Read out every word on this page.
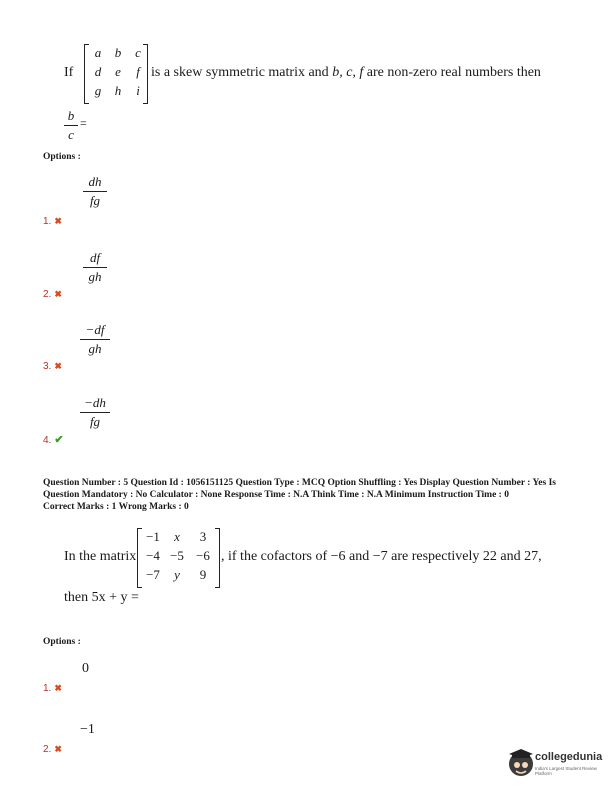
If
a	b	c
d	e	f
g	h	i
is a skew symmetric matrix and b, c, f are non-zero real numbers then
$\frac{b}{c}$ =
Options :
$\frac{dh}{fg}$
1. ✖
$\frac{df}{gh}$
2. ✖
$\frac{-df}{gh}$
3. ✖
$\frac{-dh}{fg}$
4. ✔
Question Number : 5 Question Id : 1056151125 Question Type : MCQ Option Shuffling : Yes Display Question Number : Yes Is
Question Mandatory : No Calculator : None Response Time : N.A Think Time : N.A Minimum Instruction Time : 0
Correct Marks : 1 Wrong Marks : 0
In the matrix
−1	x	3
−4 −5 −6
−7	y	9
, if the cofactors of −6 and −7 are respectively 22 and 27,
then 5x + y =
Options :
0
1. ✖
−1
2. ✖
collegedunia
India's Largest Student Review Platform
